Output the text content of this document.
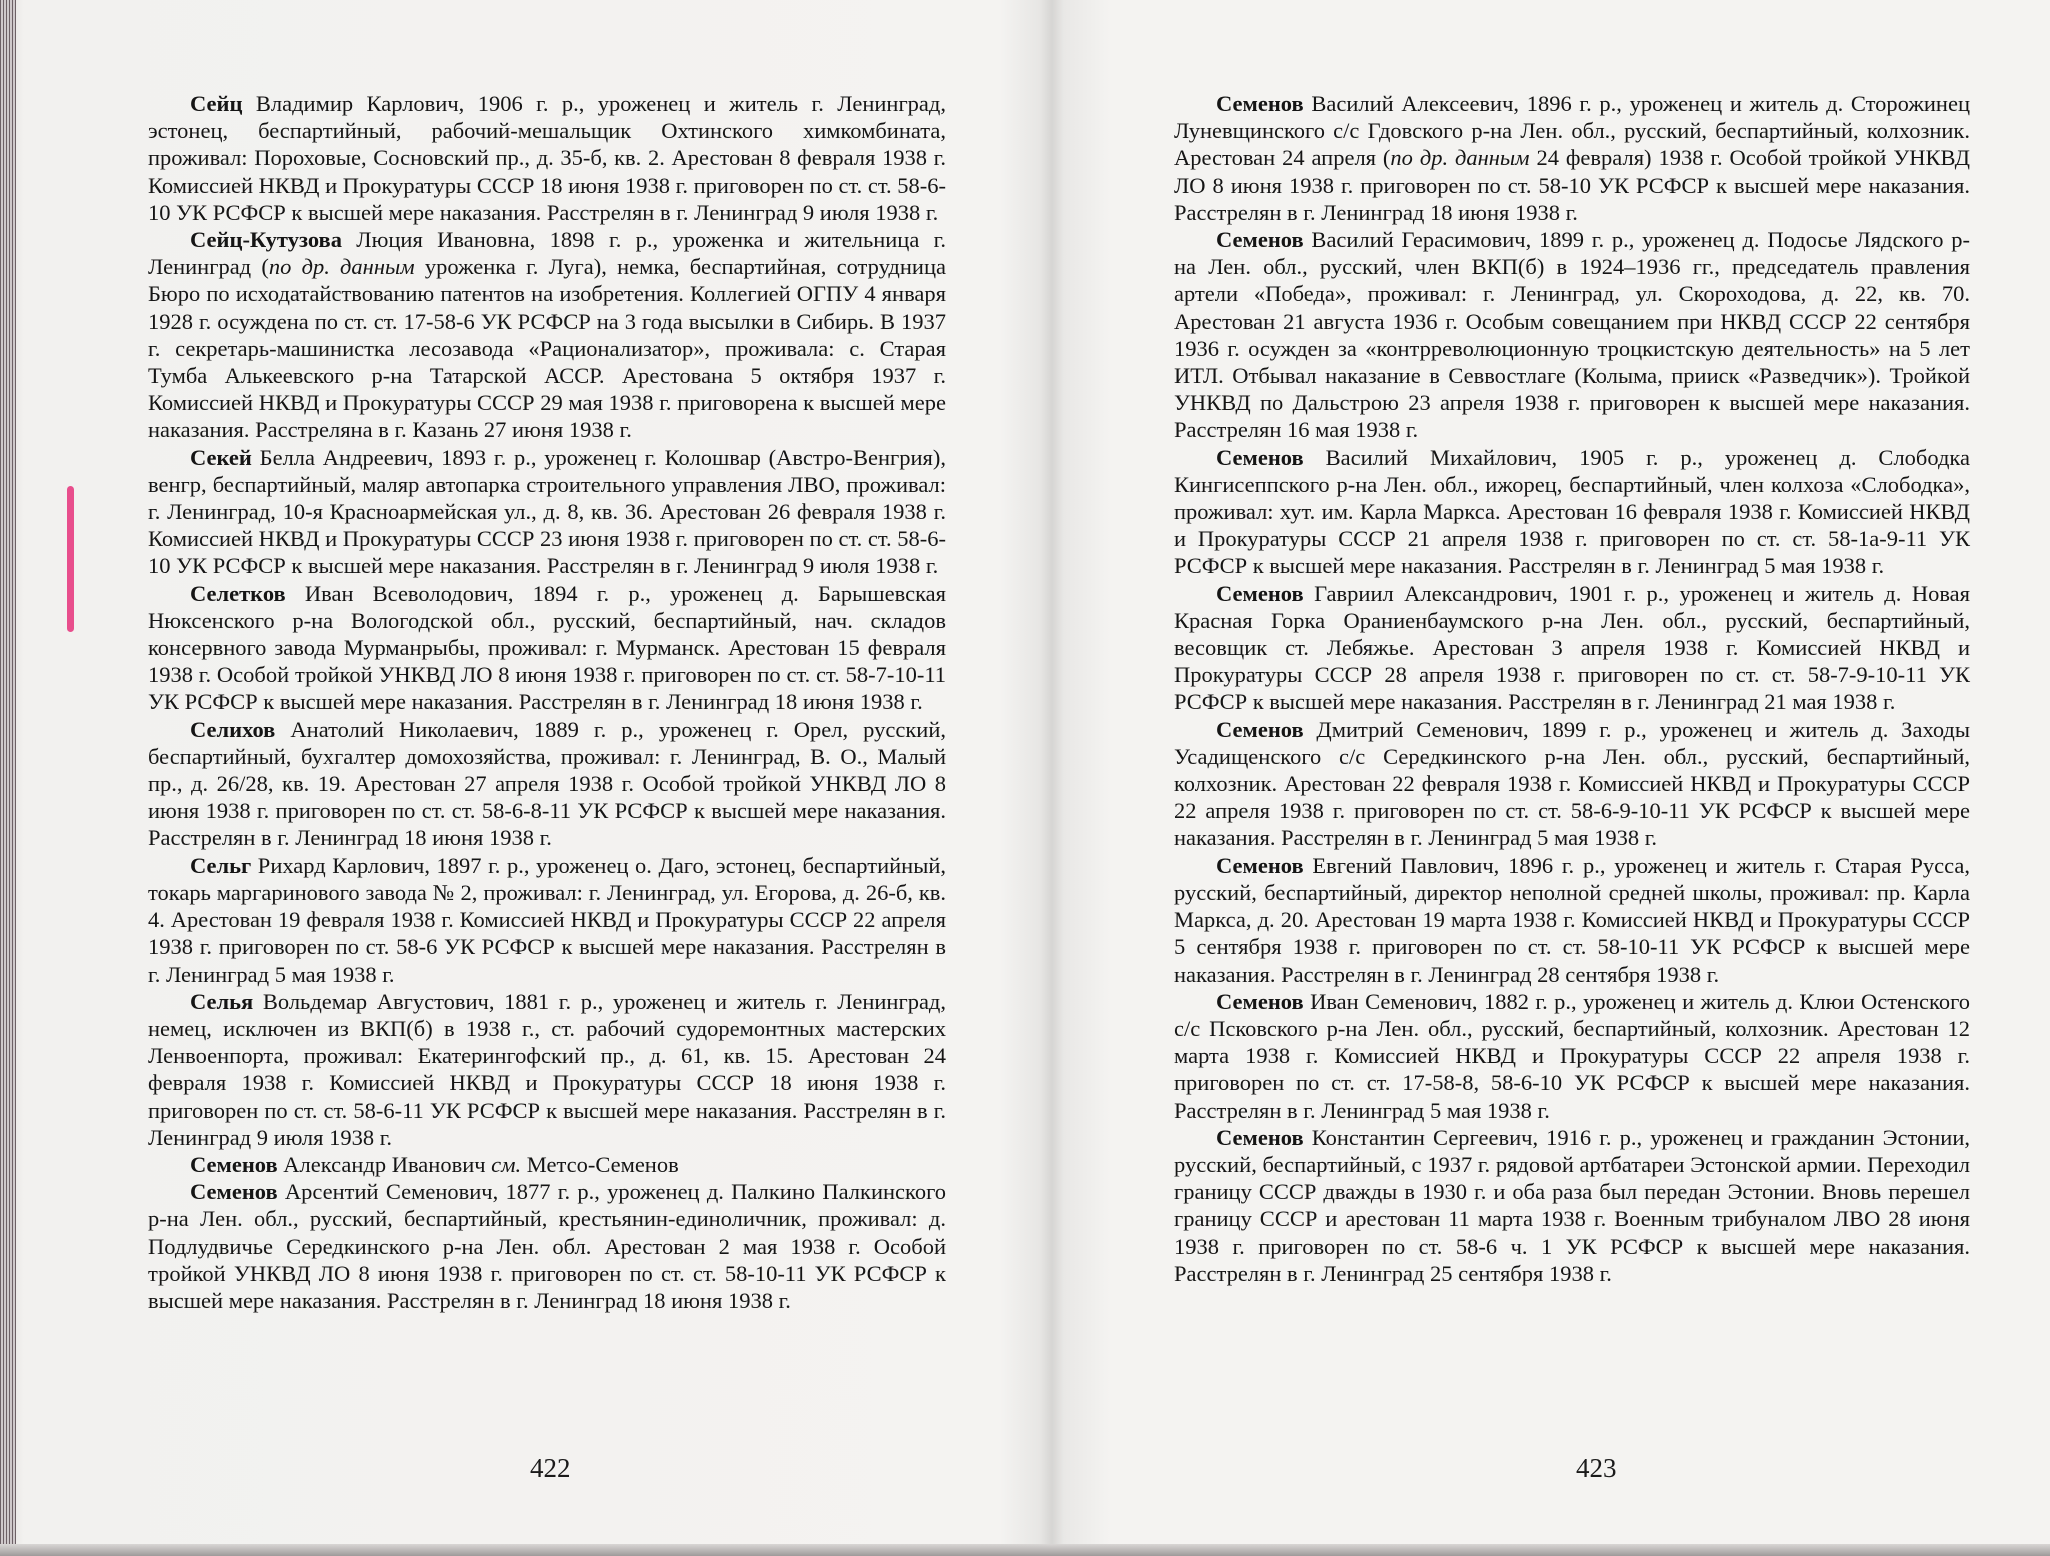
Сейц Владимир Карлович, 1906 г. р., уроженец и житель г. Ленинград, эстонец, беспартийный, рабочий-мешальщик Охтинского химкомбината, проживал: Пороховые, Сосновский пр., д. 35-б, кв. 2. Арестован 8 февраля 1938 г. Комиссией НКВД и Прокуратуры СССР 18 июня 1938 г. приговорен по ст. ст. 58-6-10 УК РСФСР к высшей мере наказания. Расстрелян в г. Ленинград 9 июля 1938 г.

Сейц-Кутузова Люция Ивановна, 1898 г. р., уроженка и жительница г. Ленинград (по др. данным уроженка г. Луга), немка, беспартийная, сотрудница Бюро по исходатайствованию патентов на изобретения. Коллегией ОГПУ 4 января 1928 г. осуждена по ст. ст. 17-58-6 УК РСФСР на 3 года высылки в Сибирь. В 1937 г. секретарь-машинистка лесозавода «Рационализатор», проживала: с. Старая Тумба Алькеевского р-на Татарской АССР. Арестована 5 октября 1937 г. Комиссией НКВД и Прокуратуры СССР 29 мая 1938 г. приговорена к высшей мере наказания. Расстреляна в г. Казань 27 июня 1938 г.

Секей Белла Андреевич, 1893 г. р., уроженец г. Колошвар (Австро-Венгрия), венгр, беспартийный, маляр автопарка строительного управления ЛВО, проживал: г. Ленинград, 10-я Красноармейская ул., д. 8, кв. 36. Арестован 26 февраля 1938 г. Комиссией НКВД и Прокуратуры СССР 23 июня 1938 г. приговорен по ст. ст. 58-6-10 УК РСФСР к высшей мере наказания. Расстрелян в г. Ленинград 9 июля 1938 г.

Селетков Иван Всеволодович, 1894 г. р., уроженец д. Барышевская Нюксенского р-на Вологодской обл., русский, беспартийный, нач. складов консервного завода Мурманрыбы, проживал: г. Мурманск. Арестован 15 февраля 1938 г. Особой тройкой УНКВД ЛО 8 июня 1938 г. приговорен по ст. ст. 58-7-10-11 УК РСФСР к высшей мере наказания. Расстрелян в г. Ленинград 18 июня 1938 г.

Селихов Анатолий Николаевич, 1889 г. р., уроженец г. Орел, русский, беспартийный, бухгалтер домохозяйства, проживал: г. Ленинград, В. О., Малый пр., д. 26/28, кв. 19. Арестован 27 апреля 1938 г. Особой тройкой УНКВД ЛО 8 июня 1938 г. приговорен по ст. ст. 58-6-8-11 УК РСФСР к высшей мере наказания. Расстрелян в г. Ленинград 18 июня 1938 г.

Сельг Рихард Карлович, 1897 г. р., уроженец о. Даго, эстонец, беспартийный, токарь маргаринового завода № 2, проживал: г. Ленинград, ул. Егорова, д. 26-б, кв. 4. Арестован 19 февраля 1938 г. Комиссией НКВД и Прокуратуры СССР 22 апреля 1938 г. приговорен по ст. 58-6 УК РСФСР к высшей мере наказания. Расстрелян в г. Ленинград 5 мая 1938 г.

Селья Вольдемар Августович, 1881 г. р., уроженец и житель г. Ленинград, немец, исключен из ВКП(б) в 1938 г., ст. рабочий судоремонтных мастерских Ленвоенпорта, проживал: Екатерингофский пр., д. 61, кв. 15. Арестован 24 февраля 1938 г. Комиссией НКВД и Прокуратуры СССР 18 июня 1938 г. приговорен по ст. ст. 58-6-11 УК РСФСР к высшей мере наказания. Расстрелян в г. Ленинград 9 июля 1938 г.

Семенов Александр Иванович см. Метсо-Семенов

Семенов Арсентий Семенович, 1877 г. р., уроженец д. Палкино Палкинского р-на Лен. обл., русский, беспартийный, крестьянин-единоличник, проживал: д. Подлудвичье Середкинского р-на Лен. обл. Арестован 2 мая 1938 г. Особой тройкой УНКВД ЛО 8 июня 1938 г. приговорен по ст. ст. 58-10-11 УК РСФСР к высшей мере наказания. Расстрелян в г. Ленинград 18 июня 1938 г.

Семенов Василий Алексеевич, 1896 г. р., уроженец и житель д. Сторожинец Луневщинского с/с Гдовского р-на Лен. обл., русский, беспартийный, колхозник. Арестован 24 апреля (по др. данным 24 февраля) 1938 г. Особой тройкой УНКВД ЛО 8 июня 1938 г. приговорен по ст. 58-10 УК РСФСР к высшей мере наказания. Расстрелян в г. Ленинград 18 июня 1938 г.

Семенов Василий Герасимович, 1899 г. р., уроженец д. Подосье Лядского р-на Лен. обл., русский, член ВКП(б) в 1924–1936 гг., председатель правления артели «Победа», проживал: г. Ленинград, ул. Скороходова, д. 22, кв. 70. Арестован 21 августа 1936 г. Особым совещанием при НКВД СССР 22 сентября 1936 г. осужден за «контрреволюционную троцкистскую деятельность» на 5 лет ИТЛ. Отбывал наказание в Севвостлаге (Колыма, прииск «Разведчик»). Тройкой УНКВД по Дальстрою 23 апреля 1938 г. приговорен к высшей мере наказания. Расстрелян 16 мая 1938 г.

Семенов Василий Михайлович, 1905 г. р., уроженец д. Слободка Кингисеппского р-на Лен. обл., ижорец, беспартийный, член колхоза «Слободка», проживал: хут. им. Карла Маркса. Арестован 16 февраля 1938 г. Комиссией НКВД и Прокуратуры СССР 21 апреля 1938 г. приговорен по ст. ст. 58-1а-9-11 УК РСФСР к высшей мере наказания. Расстрелян в г. Ленинград 5 мая 1938 г.

Семенов Гавриил Александрович, 1901 г. р., уроженец и житель д. Новая Красная Горка Ораниенбаумского р-на Лен. обл., русский, беспартийный, весовщик ст. Лебяжье. Арестован 3 апреля 1938 г. Комиссией НКВД и Прокуратуры СССР 28 апреля 1938 г. приговорен по ст. ст. 58-7-9-10-11 УК РСФСР к высшей мере наказания. Расстрелян в г. Ленинград 21 мая 1938 г.

Семенов Дмитрий Семенович, 1899 г. р., уроженец и житель д. Заходы Усадищенского с/с Середкинского р-на Лен. обл., русский, беспартийный, колхозник. Арестован 22 февраля 1938 г. Комиссией НКВД и Прокуратуры СССР 22 апреля 1938 г. приговорен по ст. ст. 58-6-9-10-11 УК РСФСР к высшей мере наказания. Расстрелян в г. Ленинград 5 мая 1938 г.

Семенов Евгений Павлович, 1896 г. р., уроженец и житель г. Старая Русса, русский, беспартийный, директор неполной средней школы, проживал: пр. Карла Маркса, д. 20. Арестован 19 марта 1938 г. Комиссией НКВД и Прокуратуры СССР 5 сентября 1938 г. приговорен по ст. ст. 58-10-11 УК РСФСР к высшей мере наказания. Расстрелян в г. Ленинград 28 сентября 1938 г.

Семенов Иван Семенович, 1882 г. р., уроженец и житель д. Клюи Остенского с/с Псковского р-на Лен. обл., русский, беспартийный, колхозник. Арестован 12 марта 1938 г. Комиссией НКВД и Прокуратуры СССР 22 апреля 1938 г. приговорен по ст. ст. 17-58-8, 58-6-10 УК РСФСР к высшей мере наказания. Расстрелян в г. Ленинград 5 мая 1938 г.

Семенов Константин Сергеевич, 1916 г. р., уроженец и гражданин Эстонии, русский, беспартийный, с 1937 г. рядовой артбатареи Эстонской армии. Переходил границу СССР дважды в 1930 г. и оба раза был передан Эстонии. Вновь перешел границу СССР и арестован 11 марта 1938 г. Военным трибуналом ЛВО 28 июня 1938 г. приговорен по ст. 58-6 ч. 1 УК РСФСР к высшей мере наказания. Расстрелян в г. Ленинград 25 сентября 1938 г.

422	423
